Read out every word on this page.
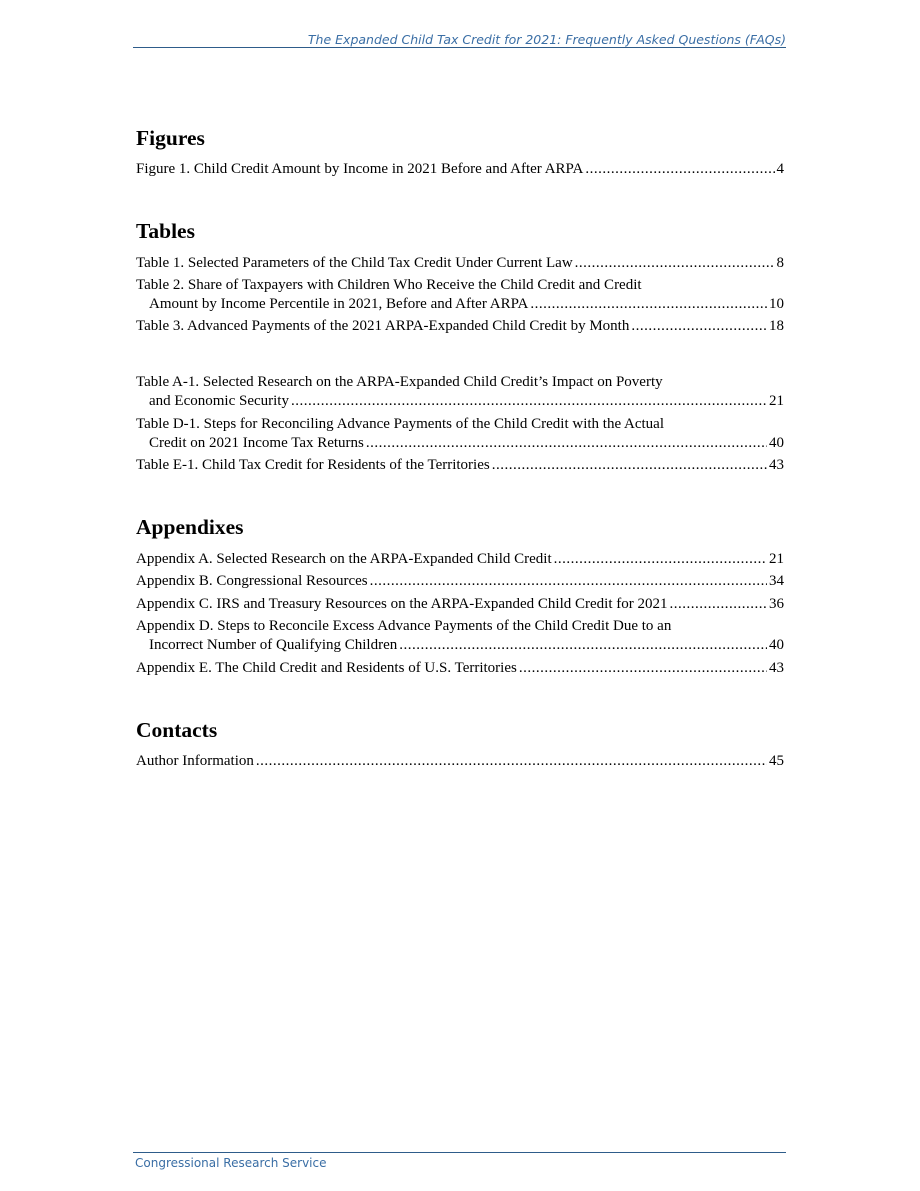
The Expanded Child Tax Credit for 2021: Frequently Asked Questions (FAQs)
Figures
Figure 1. Child Credit Amount by Income in 2021 Before and After ARPA .....	4
Tables
Table 1. Selected Parameters of the Child Tax Credit Under Current Law .....	8
Table 2. Share of Taxpayers with Children Who Receive the Child Credit and Credit
Amount by Income Percentile in 2021, Before and After ARPA .....	10
Table 3. Advanced Payments of the 2021 ARPA-Expanded Child Credit by Month .....	18
Table A-1. Selected Research on the ARPA-Expanded Child Credit’s Impact on Poverty
and Economic Security .....	21
Table D-1. Steps for Reconciling Advance Payments of the Child Credit with the Actual
Credit on 2021 Income Tax Returns .....	40
Table E-1. Child Tax Credit for Residents of the Territories .....	43
Appendixes
Appendix A. Selected Research on the ARPA-Expanded Child Credit .....	21
Appendix B. Congressional Resources .....	34
Appendix C. IRS and Treasury Resources on the ARPA-Expanded Child Credit for 2021 .....	36
Appendix D. Steps to Reconcile Excess Advance Payments of the Child Credit Due to an
Incorrect Number of Qualifying Children .....	40
Appendix E. The Child Credit and Residents of U.S. Territories .....	43
Contacts
Author Information .....	45
Congressional Research Service
